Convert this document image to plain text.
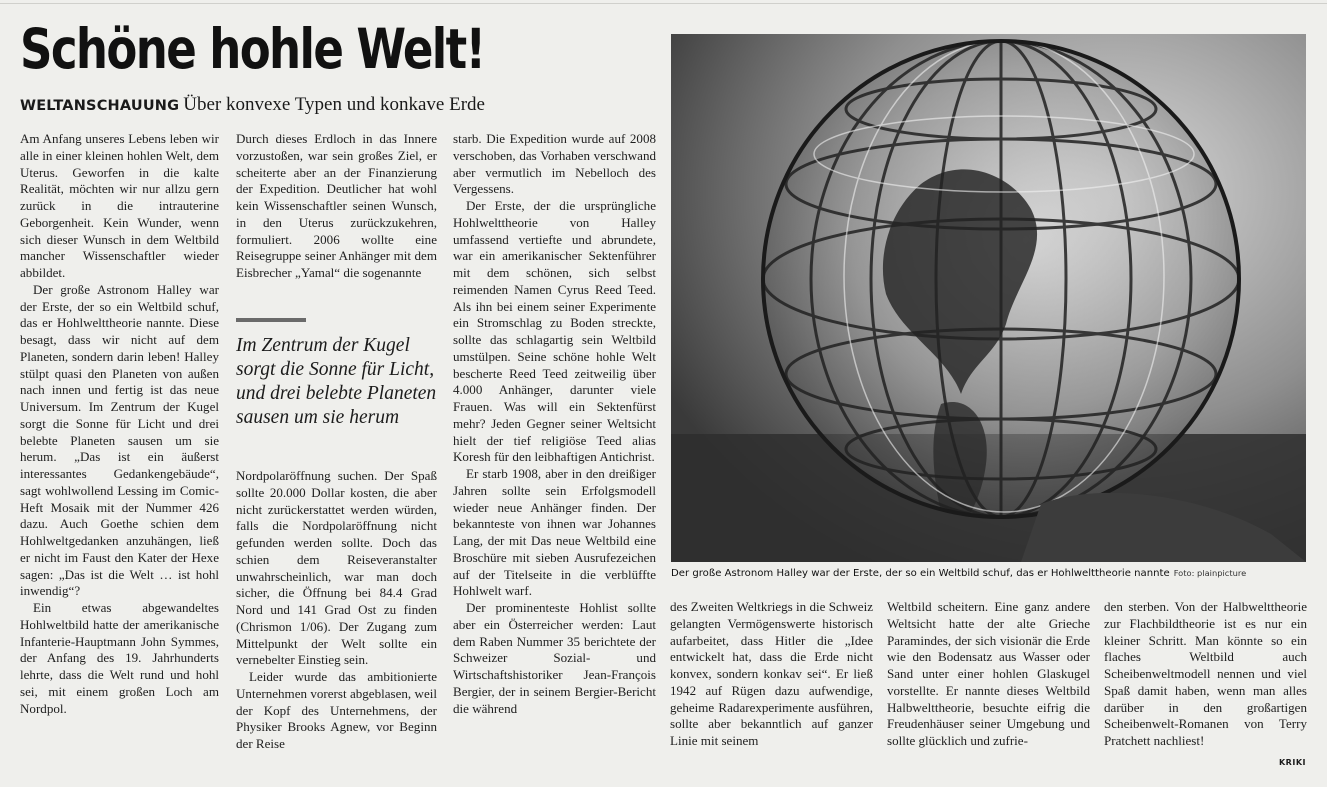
Schöne hohle Welt!

WELTANSCHAUUNG Über konvexe Typen und konkave Erde

Am Anfang unseres Lebens leben wir alle in einer kleinen hohlen Welt, dem Uterus. Geworfen in die kalte Realität, möchten wir nur allzu gern zurück in die intrauterine Geborgenheit. Kein Wunder, wenn sich dieser Wunsch in dem Weltbild mancher Wissenschaftler wieder abbildet.

Der große Astronom Halley war der Erste, der so ein Weltbild schuf, das er Hohlwelttheorie nannte. Diese besagt, dass wir nicht auf dem Planeten, sondern darin leben! Halley stülpt quasi den Planeten von außen nach innen und fertig ist das neue Universum. Im Zentrum der Kugel sorgt die Sonne für Licht und drei belebte Planeten sausen um sie herum. „Das ist ein äußerst interessantes Gedankengebäude“, sagt wohlwollend Lessing im Comic-Heft Mosaik mit der Nummer 426 dazu. Auch Goethe schien dem Hohlweltgedanken anzuhängen, ließ er nicht im Faust den Kater der Hexe sagen: „Das ist die Welt … ist hohl inwendig“?

Ein etwas abgewandeltes Hohlweltbild hatte der amerikanische Infanterie-Hauptmann John Symmes, der Anfang des 19. Jahrhunderts lehrte, dass die Welt rund und hohl sei, mit einem großen Loch am Nordpol.

Durch dieses Erdloch in das Innere vorzustoßen, war sein großes Ziel, er scheiterte aber an der Finanzierung der Expedition. Deutlicher hat wohl kein Wissenschaftler seinen Wunsch, in den Uterus zurückzukehren, formuliert. 2006 wollte eine Reisegruppe seiner Anhänger mit dem Eisbrecher „Yamal“ die sogenannte

Im Zentrum der Kugel sorgt die Sonne für Licht, und drei belebte Planeten sausen um sie herum

Nordpolaröffnung suchen. Der Spaß sollte 20.000 Dollar kosten, die aber nicht zurückerstattet werden würden, falls die Nordpolaröffnung nicht gefunden werden sollte. Doch das schien dem Reiseveranstalter unwahrscheinlich, war man doch sicher, die Öffnung bei 84.4 Grad Nord und 141 Grad Ost zu finden (Chrismon 1/06). Der Zugang zum Mittelpunkt der Welt sollte ein vernebelter Einstieg sein.

Leider wurde das ambitionierte Unternehmen vorerst abgeblasen, weil der Kopf des Unternehmens, der Physiker Brooks Agnew, vor Beginn der Reise

starb. Die Expedition wurde auf 2008 verschoben, das Vorhaben verschwand aber vermutlich im Nebelloch des Vergessens.

Der Erste, der die ursprüngliche Hohlwelttheorie von Halley umfassend vertiefte und abrundete, war ein amerikanischer Sektenführer mit dem schönen, sich selbst reimenden Namen Cyrus Reed Teed. Als ihn bei einem seiner Experimente ein Stromschlag zu Boden streckte, sollte das schlagartig sein Weltbild umstülpen. Seine schöne hohle Welt bescherte Reed Teed zeitweilig über 4.000 Anhänger, darunter viele Frauen. Was will ein Sektenfürst mehr? Jeden Gegner seiner Weltsicht hielt der tief religiöse Teed alias Koresh für den leibhaftigen Antichrist.

Er starb 1908, aber in den dreißiger Jahren sollte sein Erfolgsmodell wieder neue Anhänger finden. Der bekannteste von ihnen war Johannes Lang, der mit Das neue Weltbild eine Broschüre mit sieben Ausrufezeichen auf der Titelseite in die verblüffte Hohlwelt warf.

Der prominenteste Hohlist sollte aber ein Österreicher werden: Laut dem Raben Nummer 35 berichtete der Schweizer Sozial- und Wirtschaftshistoriker Jean-François Bergier, der in seinem Bergier-Bericht die während

Der große Astronom Halley war der Erste, der so ein Weltbild schuf, das er Hohlwelttheorie nannte Foto: plainpicture

des Zweiten Weltkriegs in die Schweiz gelangten Vermögenswerte historisch aufarbeitet, dass Hitler die „Idee entwickelt hat, dass die Erde nicht konvex, sondern konkav sei“. Er ließ 1942 auf Rügen dazu aufwendige, geheime Radarexperimente ausführen, sollte aber bekanntlich auf ganzer Linie mit seinem

Weltbild scheitern. Eine ganz andere Weltsicht hatte der alte Grieche Paramindes, der sich visionär die Erde wie den Bodensatz aus Wasser oder Sand unter einer hohlen Glaskugel vorstellte. Er nannte dieses Weltbild Halbwelttheorie, besuchte eifrig die Freudenhäuser seiner Umgebung und sollte glücklich und zufrie-

den sterben. Von der Halbwelttheorie zur Flachbildtheorie ist es nur ein kleiner Schritt. Man könnte so ein flaches Weltbild auch Scheibenweltmodell nennen und viel Spaß damit haben, wenn man alles darüber in den großartigen Scheibenwelt-Romanen von Terry Pratchett nachliest!

KRIKI
